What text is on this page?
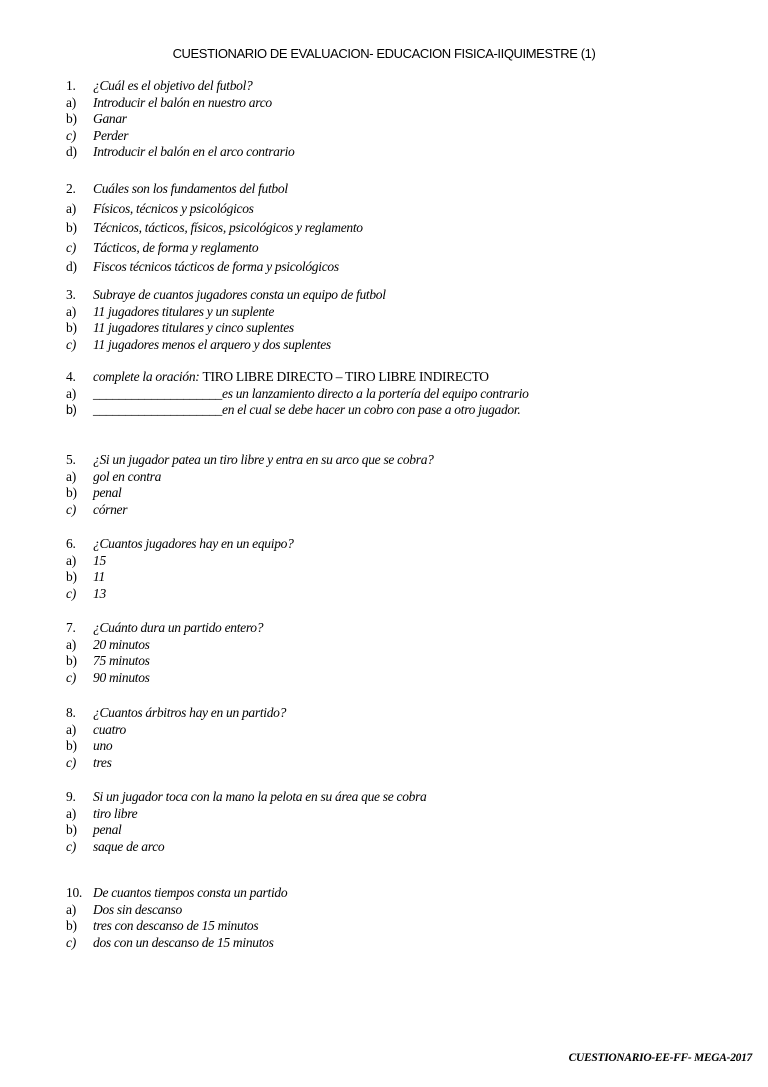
CUESTIONARIO DE EVALUACION- EDUCACION FISICA-IIQUIMESTRE (1)
1. ¿Cuál es el objetivo del futbol?
a) Introducir el balón en nuestro arco
b) Ganar
c) Perder
d) Introducir el balón en el arco contrario
2. Cuáles son los fundamentos del futbol
a) Físicos, técnicos y psicológicos
b) Técnicos, tácticos, físicos, psicológicos y reglamento
c) Tácticos, de forma y reglamento
d) Fiscos técnicos tácticos de forma y psicológicos
3. Subraye de cuantos jugadores consta un equipo de futbol
a) 11 jugadores titulares y un suplente
b) 11 jugadores titulares y cinco suplentes
c) 11 jugadores menos el arquero y dos suplentes
4. complete la oración: TIRO LIBRE DIRECTO – TIRO LIBRE INDIRECTO
a) ____________________es un lanzamiento directo a la portería del equipo contrario
b) ____________________en el cual se debe hacer un cobro con pase a otro jugador.
5. ¿Si un jugador patea un tiro libre y entra en su arco que se cobra?
a) gol en contra
b) penal
c) córner
6. ¿Cuantos jugadores hay en un equipo?
a) 15
b) 11
c) 13
7. ¿Cuánto dura un partido entero?
a) 20 minutos
b) 75 minutos
c) 90 minutos
8. ¿Cuantos árbitros hay en un partido?
a) cuatro
b) uno
c) tres
9. Si un jugador toca con la mano la pelota en su área que se cobra
a) tiro libre
b) penal
c) saque de arco
10. De cuantos tiempos consta un partido
a) Dos sin descanso
b) tres con descanso de 15 minutos
c) dos con un descanso de 15 minutos
CUESTIONARIO-EE-FF- MEGA-2017
